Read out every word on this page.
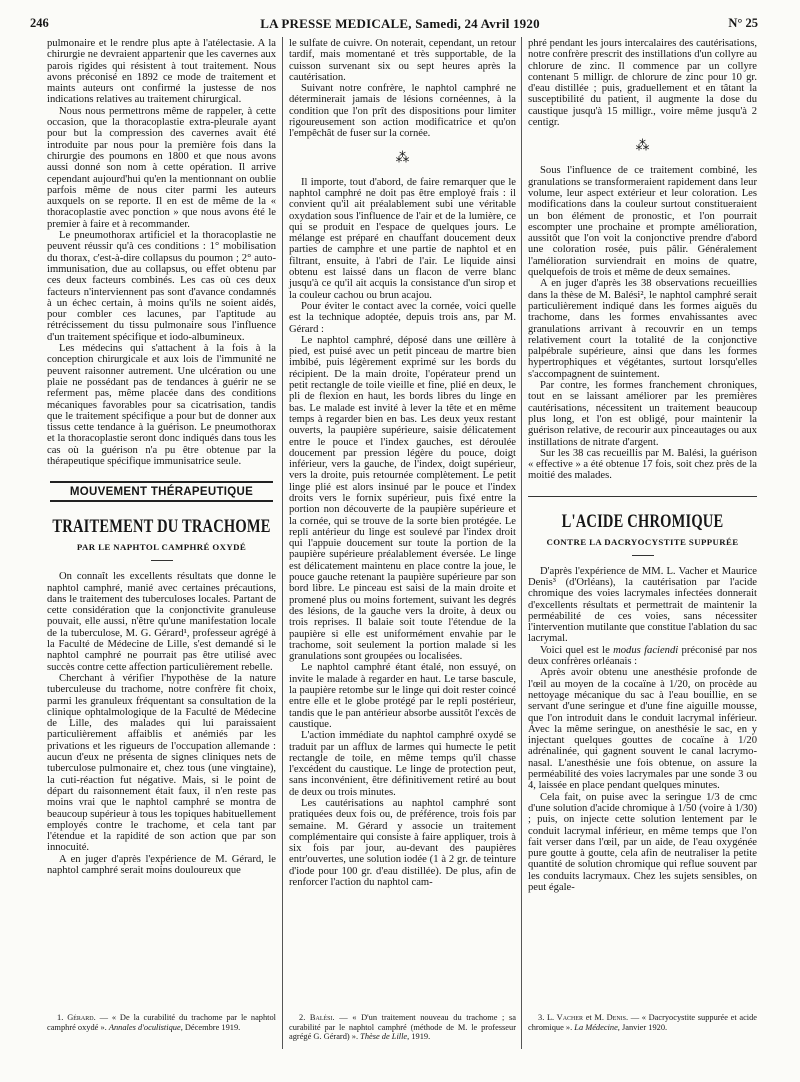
246	LA PRESSE MEDICALE, Samedi, 24 Avril 1920	N° 25

pulmonaire et le rendre plus apte à l'atélectasie. A la chirurgie ne devraient appartenir que les cavernes aux parois rigides qui résistent à tout traitement. Nous avons préconisé en 1892 ce mode de traitement et maints auteurs ont confirmé la justesse de nos indications relatives au traitement chirurgical.

Nous nous permettrons même de rappeler, à cette occasion, que la thoracoplastie extra-pleurale ayant pour but la compression des cavernes avait été introduite par nous pour la première fois dans la chirurgie des poumons en 1800 et que nous avons aussi donné son nom à cette opération. Il arrive cependant aujourd'hui qu'en la mentionnant on oublie parfois même de nous citer parmi les auteurs auxquels on se reporte. Il en est de même de la « thoracoplastie avec ponction » que nous avons été le premier à faire et à recommander.

Le pneumothorax artificiel et la thoracoplastie ne peuvent réussir qu'à ces conditions : 1° mobilisation du thorax, c'est-à-dire collapsus du poumon ; 2° auto-immunisation, due au collapsus, ou effet obtenu par ces deux facteurs combinés. Les cas où ces deux facteurs n'interviennent pas sont d'avance condamnés à un échec certain, à moins qu'ils ne soient aidés, pour combler ces lacunes, par l'aptitude au rétrécissement du tissu pulmonaire sous l'influence d'un traitement spécifique et iodo-albumineux.

Les médecins qui s'attachent à la fois à la conception chirurgicale et aux lois de l'immunité ne peuvent raisonner autrement. Une ulcération ou une plaie ne possédant pas de tendances à guérir ne se referment pas, même placée dans des conditions mécaniques favorables pour sa cicatrisation, tandis que le traitement spécifique a pour but de donner aux tissus cette tendance à la guérison. Le pneumothorax et la thoracoplastie seront donc indiqués dans tous les cas où la guérison n'a pu être obtenue par la thérapeutique spécifique immunisatrice seule.

MOUVEMENT THÉRAPEUTIQUE
TRAITEMENT DU TRACHOME
PAR LE NAPHTOL CAMPHRÉ OXYDÉ

On connaît les excellents résultats que donne le naphtol camphré, manié avec certaines précautions, dans le traitement des tuberculoses locales. Partant de cette considération que la conjonctivite granuleuse pouvait, elle aussi, n'être qu'une manifestation locale de la tuberculose, M. G. Gérard¹, professeur agrégé à la Faculté de Médecine de Lille, s'est demandé si le naphtol camphré ne pourrait pas être utilisé avec succès contre cette affection particulièrement rebelle.

Cherchant à vérifier l'hypothèse de la nature tuberculeuse du trachome, notre confrère fit choix, parmi les granuleux fréquentant sa consultation de la clinique ophtalmologique de la Faculté de Médecine de Lille, des malades qui lui paraissaient particulièrement affaiblis et anémiés par les privations et les rigueurs de l'occupation allemande : aucun d'eux ne présenta de signes cliniques nets de tuberculose pulmonaire et, chez tous (une vingtaine), la cuti-réaction fut négative. Mais, si le point de départ du raisonnement était faux, il n'en reste pas moins vrai que le naphtol camphré se montra de beaucoup supérieur à tous les topiques habituellement employés contre le trachome, et cela tant par l'étendue et la rapidité de son action que par son innocuité.

A en juger d'après l'expérience de M. Gérard, le naphtol camphré serait moins douloureux que

le sulfate de cuivre. On noterait, cependant, un retour tardif, mais momentané et très supportable, de la cuisson survenant six ou sept heures après la cautérisation.

Suivant notre confrère, le naphtol camphré ne déterminerait jamais de lésions cornéennes, à la condition que l'on prît des dispositions pour limiter rigoureusement son action modificatrice et qu'on l'empêchât de fuser sur la cornée.

⁂

Il importe, tout d'abord, de faire remarquer que le naphtol camphré ne doit pas être employé frais : il convient qu'il ait préalablement subi une véritable oxydation sous l'influence de l'air et de la lumière, ce qui se produit en l'espace de quelques jours. Le mélange est préparé en chauffant doucement deux parties de camphre et une partie de naphtol et en filtrant, ensuite, à l'abri de l'air. Le liquide ainsi obtenu est laissé dans un flacon de verre blanc jusqu'à ce qu'il ait acquis la consistance d'un sirop et la couleur cachou ou brun acajou.

Pour éviter le contact avec la cornée, voici quelle est la technique adoptée, depuis trois ans, par M. Gérard :

Le naphtol camphré, déposé dans une œillère à pied, est puisé avec un petit pinceau de martre bien imbibé, puis légèrement exprimé sur les bords du récipient. De la main droite, l'opérateur prend un petit rectangle de toile vieille et fine, plié en deux, le pli de flexion en haut, les bords libres du linge en bas. Le malade est invité à lever la tête et en même temps à regarder bien en bas. Les deux yeux restant ouverts, la paupière supérieure, saisie délicatement entre le pouce et l'index gauches, est déroulée doucement par pression légère du pouce, doigt inférieur, vers la gauche, de l'index, doigt supérieur, vers la droite, puis retournée complètement. Le petit linge plié est alors insinué par le pouce et l'index droits vers le fornix supérieur, puis fixé entre la portion non découverte de la paupière supérieure et la cornée, qui se trouve de la sorte bien protégée. Le repli antérieur du linge est soulevé par l'index droit qui l'appuie doucement sur toute la portion de la paupière supérieure préalablement éversée. Le linge est délicatement maintenu en place contre la joue, le pouce gauche retenant la paupière supérieure par son bord libre. Le pinceau est saisi de la main droite et promené plus ou moins fortement, suivant les degrés des lésions, de la gauche vers la droite, à deux ou trois reprises. Il balaie soit toute l'étendue de la paupière si elle est uniformément envahie par le trachome, soit seulement la portion malade si les granulations sont groupées ou localisées.

Le naphtol camphré étant étalé, non essuyé, on invite le malade à regarder en haut. Le tarse bascule, la paupière retombe sur le linge qui doit rester coincé entre elle et le globe protégé par le repli postérieur, tandis que le pan antérieur absorbe aussitôt l'excès de caustique.

L'action immédiate du naphtol camphré oxydé se traduit par un afflux de larmes qui humecte le petit rectangle de toile, en même temps qu'il chasse l'excédent du caustique. Le linge de protection peut, sans inconvénient, être définitivement retiré au bout de deux ou trois minutes.

Les cautérisations au naphtol camphré sont pratiquées deux fois ou, de préférence, trois fois par semaine. M. Gérard y associe un traitement complémentaire qui consiste à faire appliquer, trois à six fois par jour, au-devant des paupières entr'ouvertes, une solution iodée (1 à 2 gr. de teinture d'iode pour 100 gr. d'eau distillée). De plus, afin de renforcer l'action du naphtol cam-

phré pendant les jours intercalaires des cautérisations, notre confrère prescrit des instillations d'un collyre au chlorure de zinc. Il commence par un collyre contenant 5 milligr. de chlorure de zinc pour 10 gr. d'eau distillée ; puis, graduellement et en tâtant la susceptibilité du patient, il augmente la dose du caustique jusqu'à 15 milligr., voire même jusqu'à 2 centigr.

⁂

Sous l'influence de ce traitement combiné, les granulations se transformeraient rapidement dans leur volume, leur aspect extérieur et leur coloration. Les modifications dans la couleur surtout constitueraient un bon élément de pronostic, et l'on pourrait escompter une prochaine et prompte amélioration, aussitôt que l'on voit la conjonctive prendre d'abord une coloration rosée, puis pâlir. Généralement l'amélioration surviendrait en moins de quatre, quelquefois de trois et même de deux semaines.

A en juger d'après les 38 observations recueillies dans la thèse de M. Balési², le naphtol camphré serait particulièrement indiqué dans les formes aiguës du trachome, dans les formes envahissantes avec granulations arrivant à recouvrir en un temps relativement court la totalité de la conjonctive palpébrale supérieure, ainsi que dans les formes hypertrophiques et végétantes, surtout lorsqu'elles s'accompagnent de suintement.

Par contre, les formes franchement chroniques, tout en se laissant améliorer par les premières cautérisations, nécessitent un traitement beaucoup plus long, et l'on est obligé, pour maintenir la guérison relative, de recourir aux pinceautages ou aux instillations de nitrate d'argent.

Sur les 38 cas recueillis par M. Balési, la guérison « effective » a été obtenue 17 fois, soit chez près de la moitié des malades.

L'ACIDE CHROMIQUE
CONTRE LA DACRYOCYSTITE SUPPURÉE

D'après l'expérience de MM. L. Vacher et Maurice Denis³ (d'Orléans), la cautérisation par l'acide chromique des voies lacrymales infectées donnerait d'excellents résultats et permettrait de maintenir la perméabilité de ces voies, sans nécessiter l'intervention mutilante que constitue l'ablation du sac lacrymal.

Voici quel est le modus faciendi préconisé par nos deux confrères orléanais :

Après avoir obtenu une anesthésie profonde de l'œil au moyen de la cocaïne à 1/20, on procède au nettoyage mécanique du sac à l'eau bouillie, en se servant d'une seringue et d'une fine aiguille mousse, que l'on introduit dans le conduit lacrymal inférieur. Avec la même seringue, on anesthésie le sac, en y injectant quelques gouttes de cocaïne à 1/20 adrénalinée, qui gagnent souvent le canal lacrymo-nasal. L'anesthésie une fois obtenue, on assure la perméabilité des voies lacrymales par une sonde 3 ou 4, laissée en place pendant quelques minutes.

Cela fait, on puise avec la seringue 1/3 de cmc d'une solution d'acide chromique à 1/50 (voire à 1/30) ; puis, on injecte cette solution lentement par le conduit lacrymal inférieur, en même temps que l'on fait verser dans l'œil, par un aide, de l'eau oxygénée pure goutte à goutte, cela afin de neutraliser la petite quantité de solution chromique qui reflue souvent par les conduits lacrymaux. Chez les sujets sensibles, on peut égale-

1. Gérard. — « De la curabilité du trachome par le naphtol camphré oxydé ». Annales d'oculistique, Décembre 1919.
2. Balési. — « D'un traitement nouveau du trachome ; sa curabilité par le naphtol camphré (méthode de M. le professeur agrégé G. Gérard) ». Thèse de Lille, 1919.
3. L. Vacher et M. Denis. — « Dacryocystite suppurée et acide chromique ». La Médecine, Janvier 1920.
